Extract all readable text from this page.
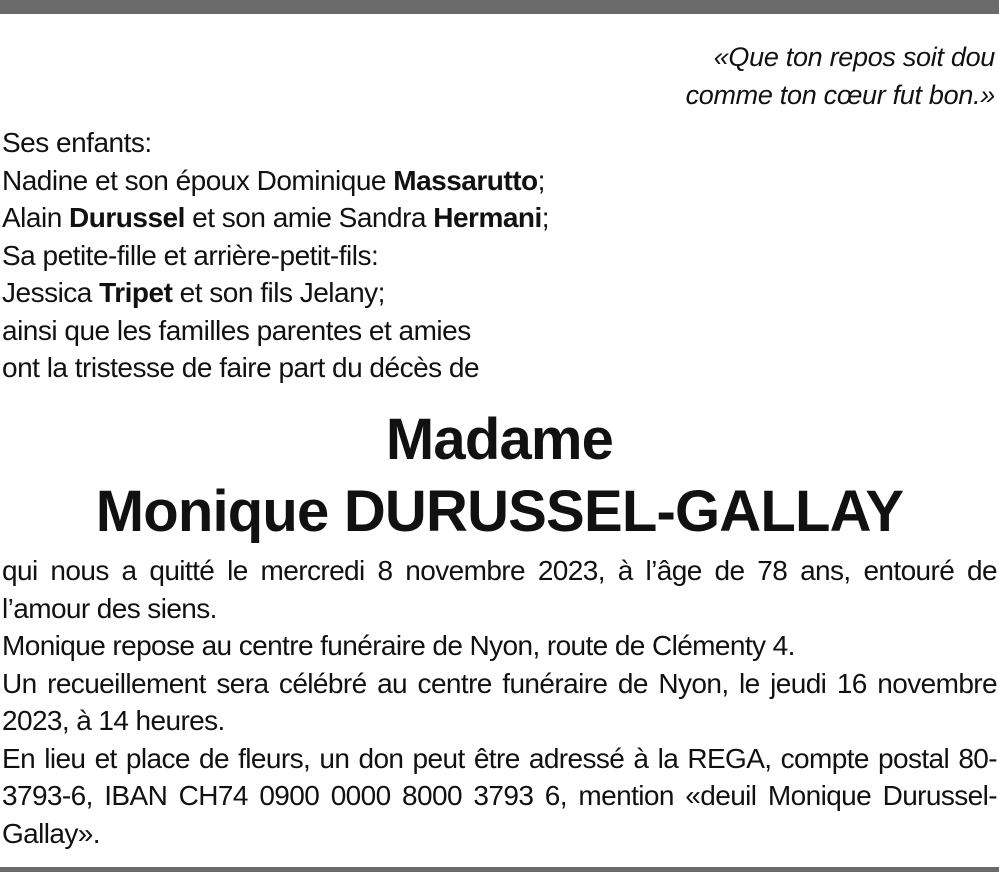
«Que ton repos soit dou
comme ton cœur fut bon.»
Ses enfants:
Nadine et son époux Dominique Massarutto;
Alain Durussel et son amie Sandra Hermani;
Sa petite-fille et arrière-petit-fils:
Jessica Tripet et son fils Jelany;
ainsi que les familles parentes et amies
ont la tristesse de faire part du décès de
Madame
Monique DURUSSEL-GALLAY

qui nous a quitté le mercredi 8 novembre 2023, à l’âge de 78 ans, entouré de l’amour des siens.

Monique repose au centre funéraire de Nyon, route de Clémenty 4.

Un recueillement sera célébré au centre funéraire de Nyon, le jeudi 16 novembre 2023, à 14 heures.

En lieu et place de fleurs, un don peut être adressé à la REGA, compte postal 80-3793-6, IBAN CH74 0900 0000 8000 3793 6, mention «deuil Monique Durussel-Gallay».
